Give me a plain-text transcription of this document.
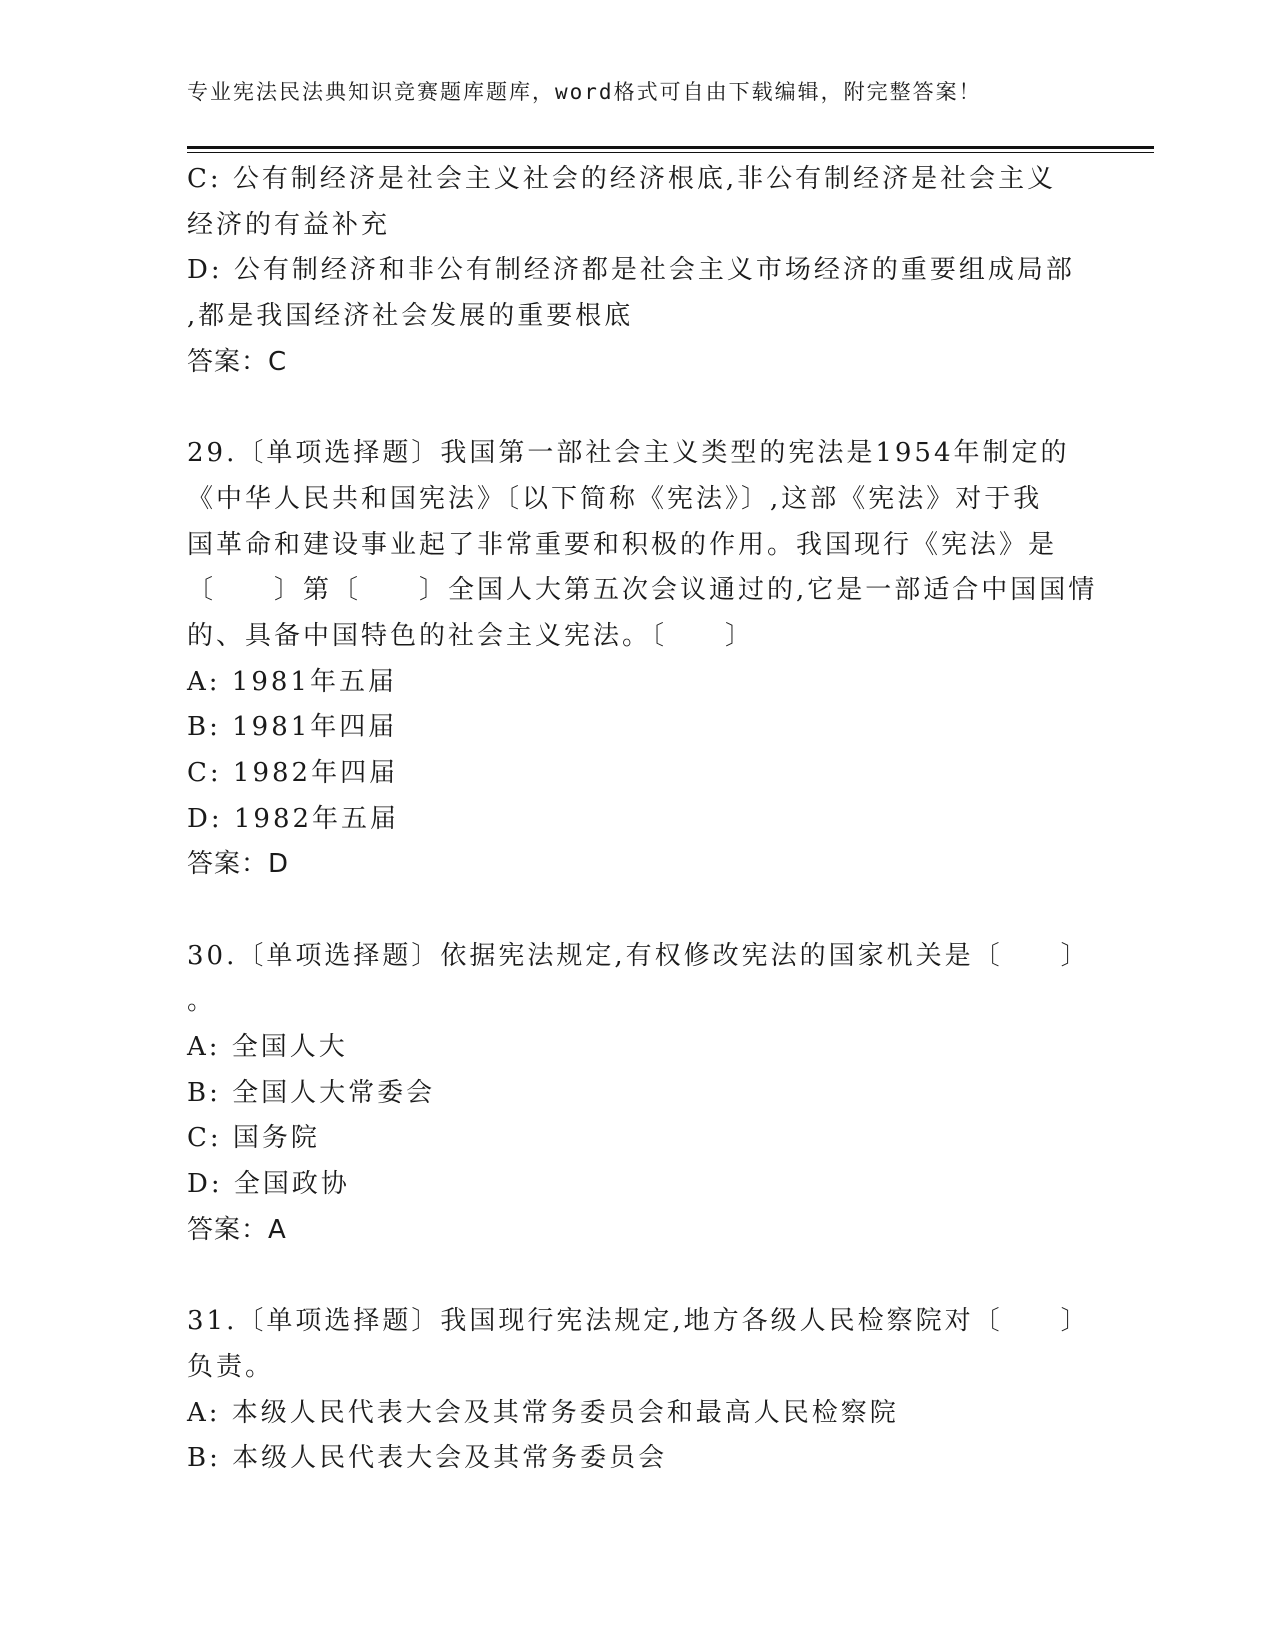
专业宪法民法典知识竞赛题库题库，word格式可自由下载编辑，附完整答案！
C: 公有制经济是社会主义社会的经济根底,非公有制经济是社会主义
经济的有益补充
D: 公有制经济和非公有制经济都是社会主义市场经济的重要组成局部
,都是我国经济社会发展的重要根底
答案：C
29.〔单项选择题〕我国第一部社会主义类型的宪法是1954年制定的
《中华人民共和国宪法》〔以下简称《宪法》〕,这部《宪法》对于我
国革命和建设事业起了非常重要和积极的作用。我国现行《宪法》是
〔　　〕第〔　　〕全国人大第五次会议通过的,它是一部适合中国国情
的、具备中国特色的社会主义宪法。〔　　〕
A: 1981年五届
B: 1981年四届
C: 1982年四届
D: 1982年五届
答案：D
30.〔单项选择题〕依据宪法规定,有权修改宪法的国家机关是〔　　〕
。
A: 全国人大
B: 全国人大常委会
C: 国务院
D: 全国政协
答案：A
31.〔单项选择题〕我国现行宪法规定,地方各级人民检察院对〔　　〕
负责。
A: 本级人民代表大会及其常务委员会和最高人民检察院
B: 本级人民代表大会及其常务委员会
